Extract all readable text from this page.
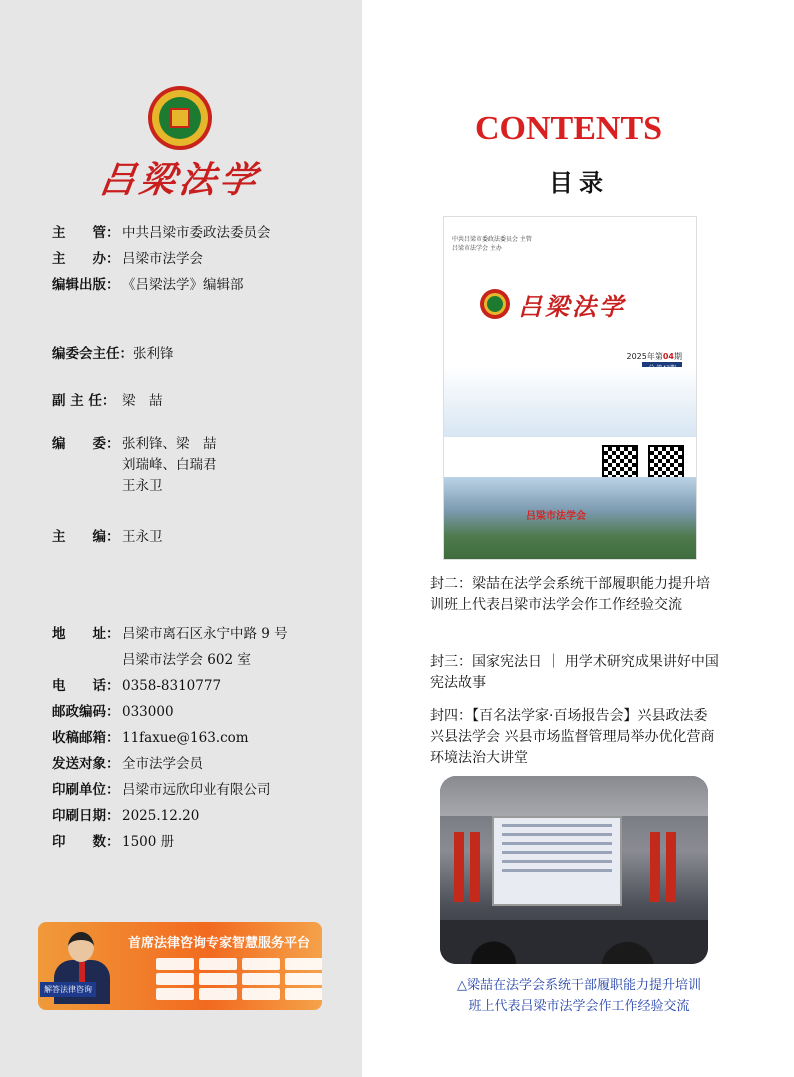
吕梁法学
主　　管： 中共吕梁市委政法委员会
主　　办： 吕梁市法学会
编辑出版： 《吕梁法学》编辑部
编委会主任：张利锋
副 主 任： 梁　喆
编　　委： 张利锋、梁　喆
刘瑞峰、白瑞君
王永卫
主　　编： 王永卫
地　　址： 吕梁市离石区永宁中路 9 号
吕梁市法学会 602 室
电　　话： 0358-8310777
邮政编码： 033000
收稿邮箱： 11faxue@163.com
发送对象： 全市法学会员
印刷单位： 吕梁市远欣印业有限公司
印刷日期： 2025.12.20
印　　数： 1500 册
解答法律咨询
首席法律咨询专家智慧服务平台
CONTENTS
目录
中共吕梁市委政法委员会 主管
吕梁市法学会 主办
吕梁法学
2025年第04期
吕梁市法学会
封二：梁喆在法学会系统干部履职能力提升培训班上代表吕梁市法学会作工作经验交流
封三：国家宪法日 ｜ 用学术研究成果讲好中国宪法故事
封四：【百名法学家·百场报告会】兴县政法委 兴县法学会 兴县市场监督管理局举办优化营商环境法治大讲堂
△梁喆在法学会系统干部履职能力提升培训班上代表吕梁市法学会作工作经验交流
